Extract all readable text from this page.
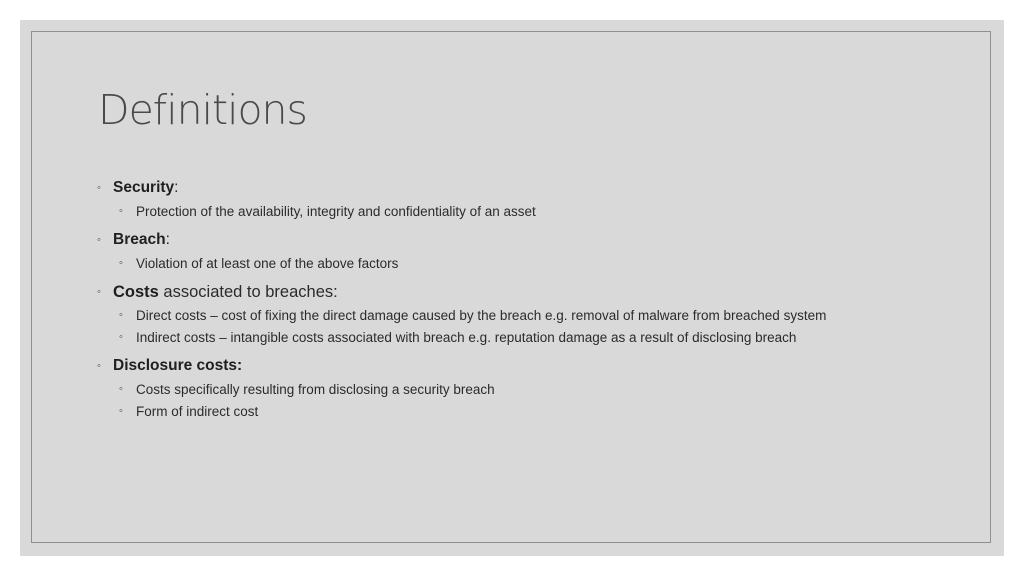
Definitions
◦ Security:
◦ Protection of the availability, integrity and confidentiality of an asset
◦ Breach:
◦ Violation of at least one of the above factors
◦ Costs associated to breaches:
◦ Direct costs – cost of fixing the direct damage caused by the breach e.g. removal of malware from breached system
◦ Indirect costs – intangible costs associated with breach e.g. reputation damage as a result of disclosing breach
◦ Disclosure costs:
◦ Costs specifically resulting from disclosing a security breach
◦ Form of indirect cost
